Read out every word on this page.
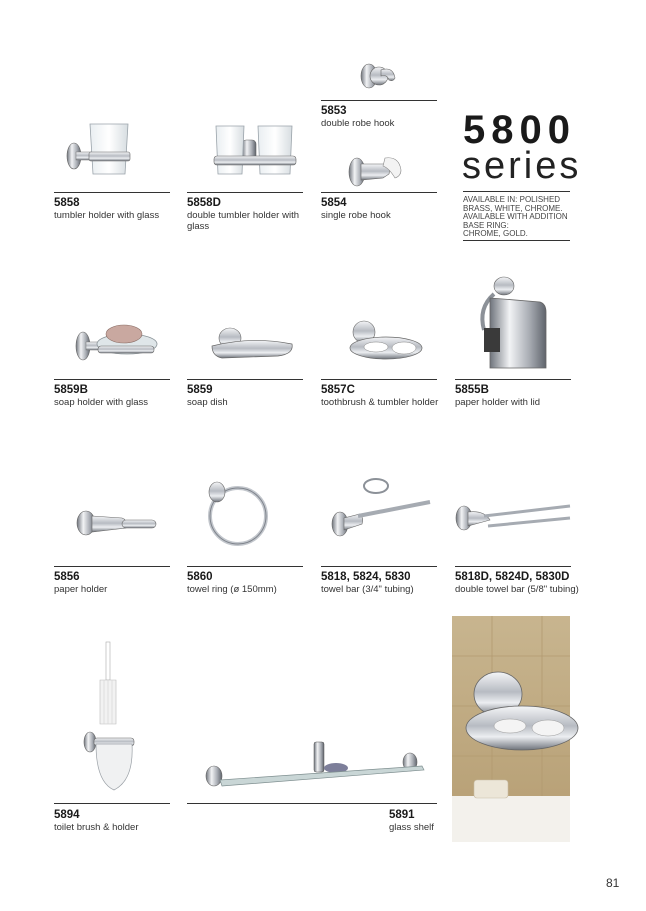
5853
double robe hook 5800
series
AVAILABLE IN: POLISHED
BRASS, WHITE, CHROME.
AVAILABLE WITH ADDITION
BASE RING:
CHROME, GOLD.
5858
tumbler holder with glass
5858D
double tumbler holder with glass
5854
single robe hook
5859B
soap holder with glass
5859
soap dish
5857C
toothbrush & tumbler holder
5855B
paper holder with lid
5856
paper holder
5860
towel ring (ø 150mm)
5818, 5824, 5830
towel bar (3/4" tubing)
5818D, 5824D, 5830D
double towel bar (5/8" tubing)
5894
toilet brush & holder
5891
glass shelf
81
